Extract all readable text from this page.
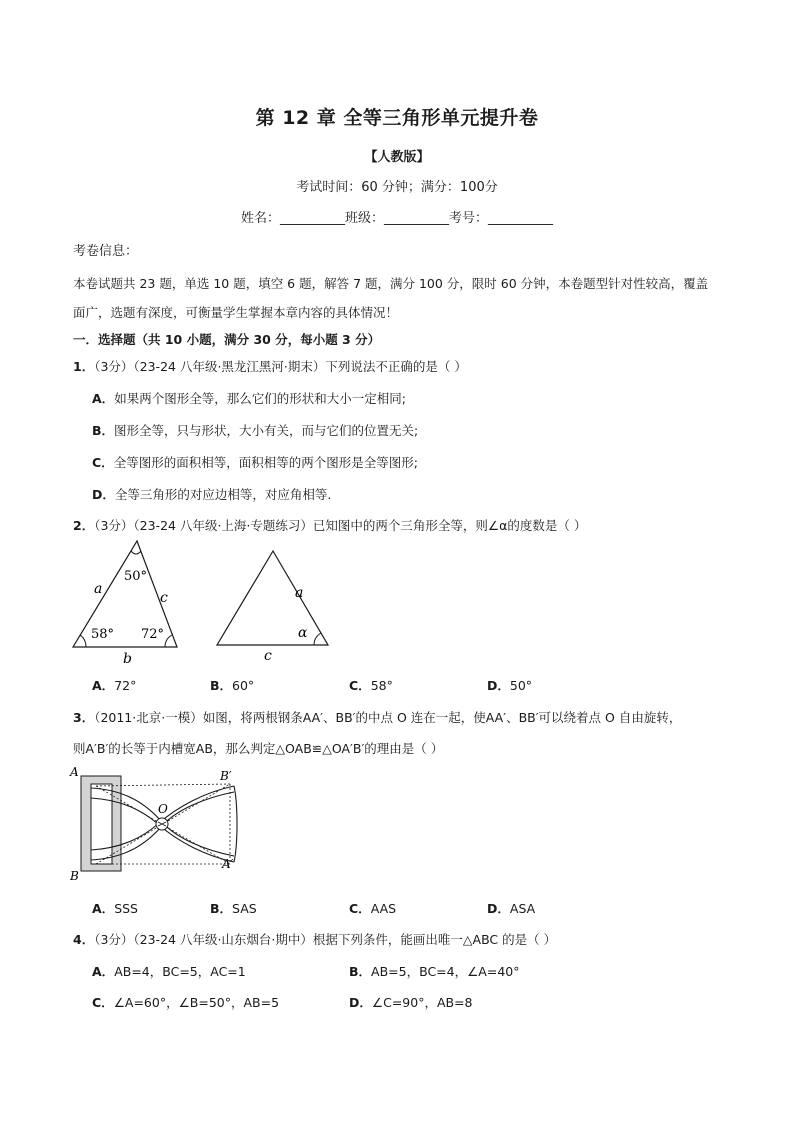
第 12 章 全等三角形单元提升卷
【人教版】
考试时间：60 分钟；满分：100分
姓名：__________班级：__________考号：__________
考卷信息：
本卷试题共 23 题，单选 10 题，填空 6 题，解答 7 题，满分 100 分，限时 60 分钟，本卷题型针对性较高，覆盖
面广，选题有深度，可衡量学生掌握本章内容的具体情况！
一．选择题（共 10 小题，满分 30 分，每小题 3 分）
1．（3分）（23-24 八年级·黑龙江黑河·期末）下列说法不正确的是（ ）
A．如果两个图形全等，那么它们的形状和大小一定相同;
B．图形全等，只与形状，大小有关，而与它们的位置无关;
C．全等图形的面积相等，面积相等的两个图形是全等图形;
D．全等三角形的对应边相等，对应角相等.
2．（3分）（23-24 八年级·上海·专题练习）已知图中的两个三角形全等，则∠α的度数是（ ）
50°
58° 72°
a
c
b
α
a
c
A．72°	B．60°	C．58°	D．50°
3．（2011·北京·一模）如图，将两根钢条AA′、BB′的中点 O 连在一起，使AA′、BB′可以绕着点 O 自由旋转，
则A′B′的长等于内槽宽AB，那么判定△OAB≌△OA′B′的理由是（ ）
A
B
O
B′
A′
A．SSS	B．SAS	C．AAS	D．ASA
4．（3分）（23-24 八年级·山东烟台·期中）根据下列条件，能画出唯一△ABC 的是（ ）
A．AB=4，BC=5，AC=1	B．AB=5，BC=4，∠A=40°
C．∠A=60°，∠B=50°，AB=5	D．∠C=90°，AB=8
